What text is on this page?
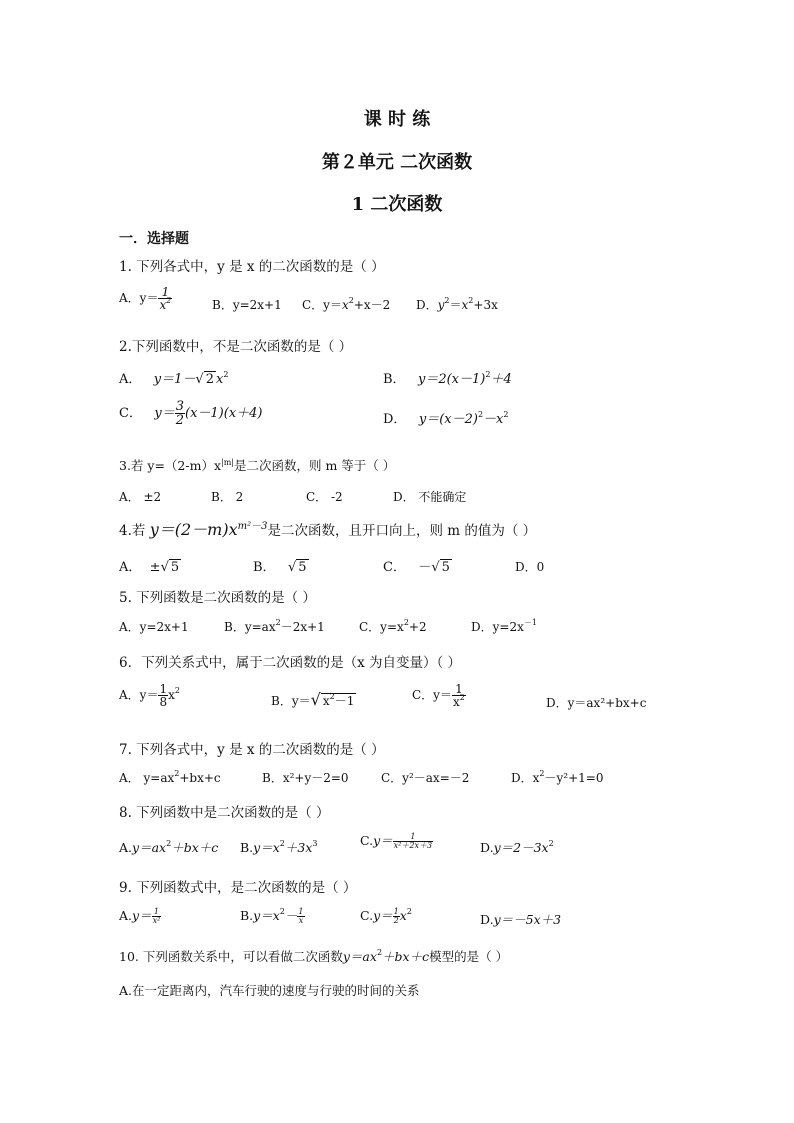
课 时 练
第２单元 二次函数
1 二次函数
一．选择题
1. 下列各式中，y 是 x 的二次函数的是（ ）
A．$y= \frac{1}{x^2}$	B．y=2x+1 C．$y=x^2+x-2$ D．$y^2=x^2+3x$
2.下列函数中，不是二次函数的是（ ）
A． y＝1－√ 2 $x^2$	B． $y=2(x-1)^2+4$
C． $y= \frac{3}{2} (x-1)(x+4)$	D． $y=(x-2)^2-x^2$
3.若 $y=(2-m)x^{|m|}$是二次函数，则 m 等于（ ）
A． ±2	B． 2	C． -2	D． 不能确定
4.若 $y=(2-m)x^{m^2-3}$是二次函数，且开口向上，则 m 的值为（ ）
A． ±√ 5	B． √ 5	C． －√ 5	D．0
5. 下列函数是二次函数的是（ ）
A．y=2x+1	B．$y=ax^2-2x+1$	C．$y=x^2+2$	D．$y=2x^{-1}$
6．下列关系式中，属于二次函数的是（x 为自变量）（ ）
A．$y= \frac{1}{8} x^2$
B．y＝√ $x^2-1$	C．$y= \frac{1}{x^2}$	D．y＝ax²+bx+c
7. 下列各式中，y 是 x 的二次函数的是（ ）
A． $y=ax^2+bx+c$	B．x²+y－2=0	C．y²－ax=－2	D．$x^2-y^2+1=0$
8. 下列函数中是二次函数的是（ ）
$A.y=ax^2+bx+c$ $B.y=x^2+3x^3$	$C.y= \frac{1}{\text{x²＋2x＋3}}$	$D.y=2-3x^2$
9. 下列函数式中，是二次函数的是（ ）
$A.y= \frac{1}{\text{x²}}$	$B.y=x^2- \frac{1}{x}$	$C.y= \frac{1}{2} x^2$
D.y＝－5x＋3
10. 下列函数关系中，可以看做二次函数$y=ax^2+bx+c$模型的是（ ）
A.在一定距离内，汽车行驶的速度与行驶的时间的关系
